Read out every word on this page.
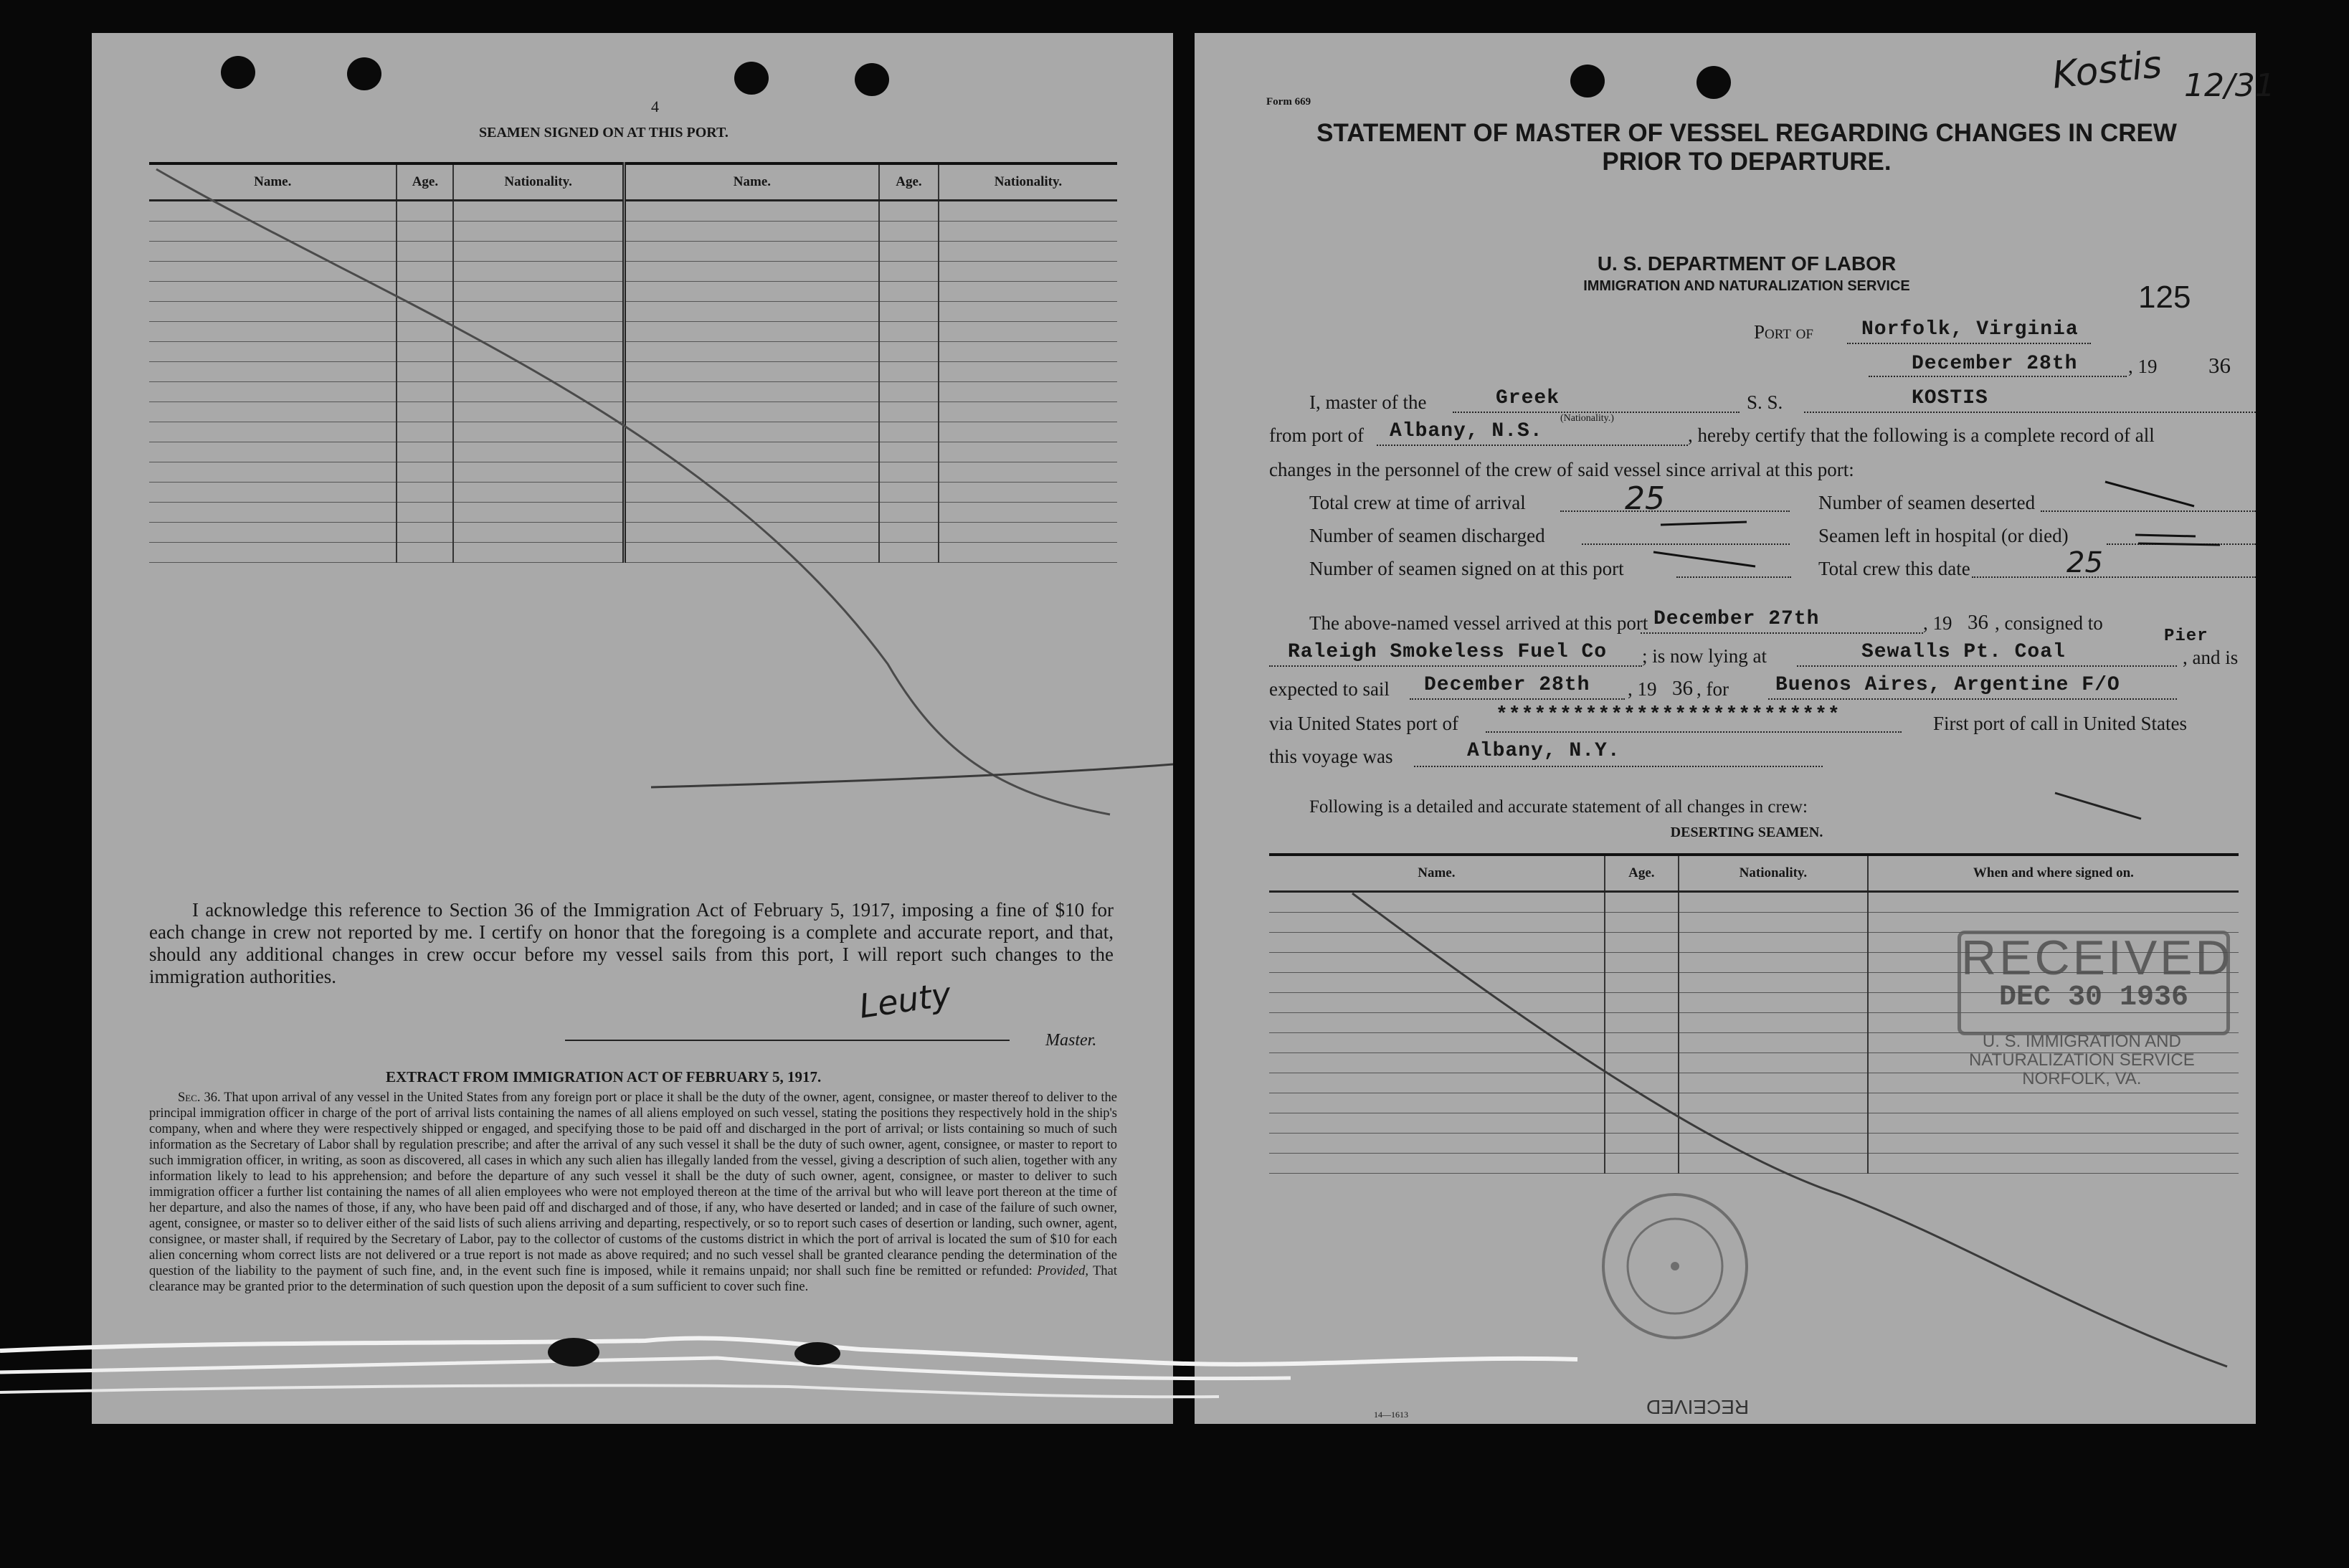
4
SEAMEN SIGNED ON AT THIS PORT.
Name.	Age.	Nationality.	Name.	Age.	Nationality.

I acknowledge this reference to Section 36 of the Immigration Act of February 5, 1917, imposing a fine of $10 for each change in crew not reported by me. I certify on honor that the foregoing is a complete and accurate report, and that, should any additional changes in crew occur before my vessel sails from this port, I will report such changes to the immigration authorities.	Leuty
Master.
EXTRACT FROM IMMIGRATION ACT OF FEBRUARY 5, 1917.
Sec. 36. That upon arrival of any vessel in the United States from any foreign port or place it shall be the duty of the owner, agent, consignee, or master thereof to deliver to the principal immigration officer in charge of the port of arrival lists containing the names of all aliens employed on such vessel, stating the positions they respectively hold in the ship's company, when and where they were respectively shipped or engaged, and specifying those to be paid off and discharged in the port of arrival; or lists containing so much of such information as the Secretary of Labor shall by regulation prescribe; and after the arrival of any such vessel it shall be the duty of such owner, agent, consignee, or master to report to such immigration officer, in writing, as soon as discovered, all cases in which any such alien has illegally landed from the vessel, giving a description of such alien, together with any information likely to lead to his apprehension; and before the departure of any such vessel it shall be the duty of such owner, agent, consignee, or master to deliver to such immigration officer a further list containing the names of all alien employees who were not employed thereon at the time of the arrival but who will leave port thereon at the time of her departure, and also the names of those, if any, who have been paid off and discharged and of those, if any, who have deserted or landed; and in case of the failure of such owner, agent, consignee, or master so to deliver either of the said lists of such aliens arriving and departing, respectively, or so to report such cases of desertion or landing, such owner, agent, consignee, or master shall, if required by the Secretary of Labor, pay to the collector of customs of the customs district in which the port of arrival is located the sum of $10 for each alien concerning whom correct lists are not delivered or a true report is not made as above required; and no such vessel shall be granted clearance pending the determination of the question of the liability to the payment of such fine, and, in the event such fine is imposed, while it remains unpaid; nor shall such fine be remitted or refunded: Provided, That clearance may be granted prior to the determination of such question upon the deposit of a sum sufficient to cover such fine.
Kostis 12/31
Form 669
STATEMENT OF MASTER OF VESSEL REGARDING CHANGES IN CREW
PRIOR TO DEPARTURE.
U. S. DEPARTMENT OF LABOR
IMMIGRATION AND NATURALIZATION SERVICE	125
Port of Norfolk, Virginia
December 28th	, 19 36
I, master of the	Greek
(Nationality.)
S. S.	KOSTIS
from port of Albany, N.S.	, hereby certify that the following is a complete record of all
changes in the personnel of the crew of said vessel since arrival at this port:
Total crew at time of arrival	25	Number of seamen deserted
Number of seamen discharged	Seamen left in hospital (or died)
Number of seamen signed on at this port	Total crew this date	25
The above-named vessel arrived at this port December 27th	, 19 36 , consigned to
Raleigh Smokeless Fuel Co ; is now lying at	Sewalls Pt. Coal
Pier
, and is
expected to sail December 28th , 19 36 , for Buenos Aires, Argentine F/O
via United States port of ***************************	First port of call in United States
this voyage was	Albany, N.Y.
Following is a detailed and accurate statement of all changes in crew:
DESERTING SEAMEN.
Name.	Age.	Nationality.	When and where signed on.

RECEIVED
DEC 30 1936
U. S. IMMIGRATION AND
NATURALIZATION SERVICE
NORFOLK, VA.
14—1613	RECEIVED
